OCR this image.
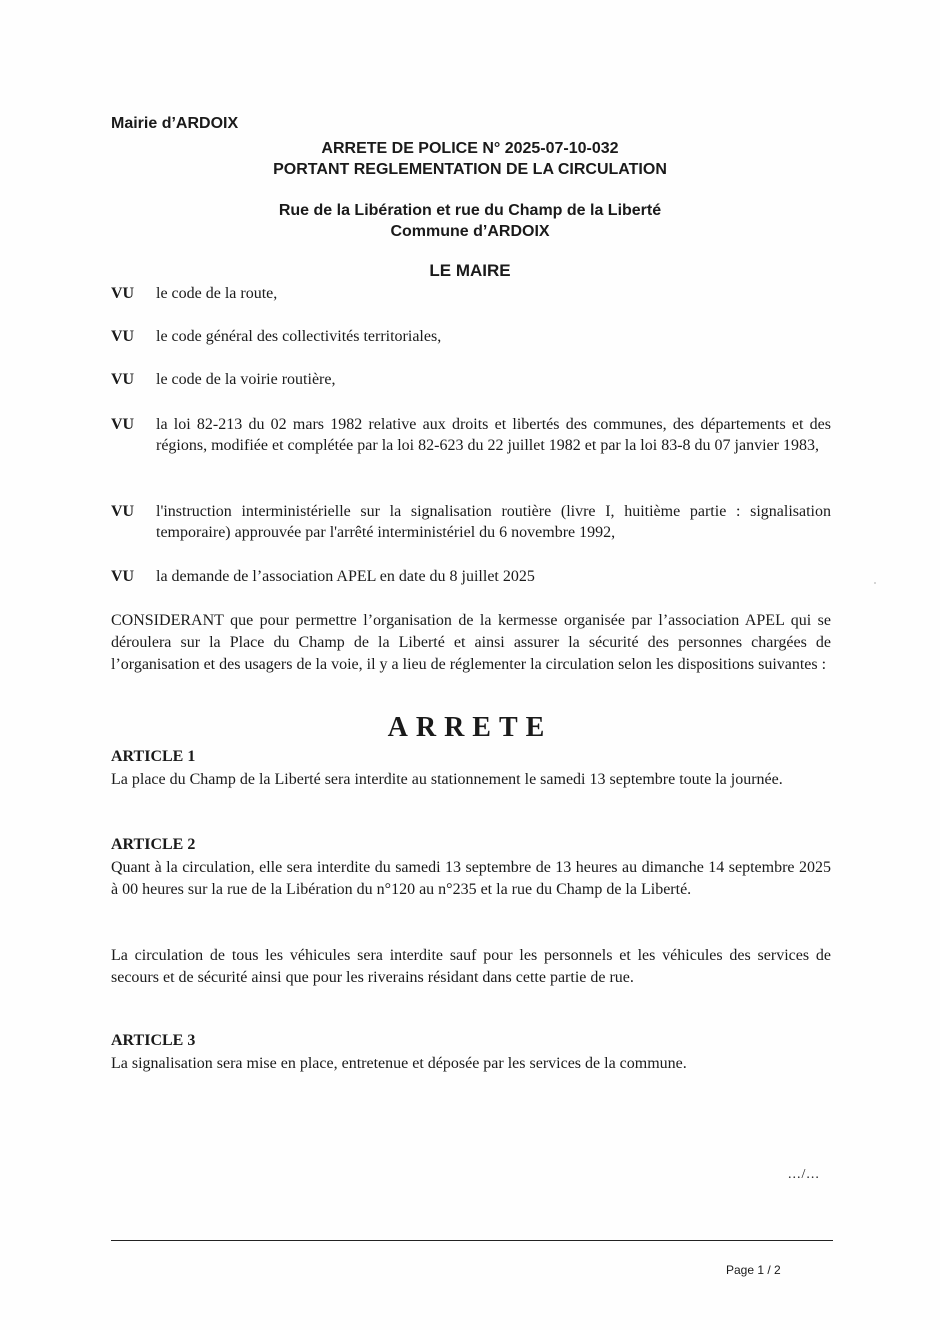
Mairie d’ARDOIX
ARRETE DE POLICE N° 2025-07-10-032
PORTANT REGLEMENTATION DE LA CIRCULATION
Rue de la Libération et rue du Champ de la Liberté
Commune d’ARDOIX
LE MAIRE
VU le code de la route,
VU le code général des collectivités territoriales,
VU le code de la voirie routière,
VU la loi 82-213 du 02 mars 1982 relative aux droits et libertés des communes, des départements et des régions, modifiée et complétée par la loi 82-623 du 22 juillet 1982 et par la loi 83-8 du 07 janvier 1983,
VU l'instruction interministérielle sur la signalisation routière (livre I, huitième partie : signalisation temporaire) approuvée par l'arrêté interministériel du 6 novembre 1992,
VU la demande de l’association APEL en date du 8 juillet 2025
CONSIDERANT que pour permettre l’organisation de la kermesse organisée par l’association APEL qui se déroulera sur la Place du Champ de la Liberté et ainsi assurer la sécurité des personnes chargées de l’organisation et des usagers de la voie, il y a lieu de réglementer la circulation selon les dispositions suivantes :
ARRETE
ARTICLE 1
La place du Champ de la Liberté sera interdite au stationnement le samedi 13 septembre toute la journée.
ARTICLE 2
Quant à la circulation, elle sera interdite du samedi 13 septembre de 13 heures au dimanche 14 septembre 2025 à 00 heures sur la rue de la Libération du n°120 au n°235 et la rue du Champ de la Liberté.
La circulation de tous les véhicules sera interdite sauf pour les personnels et les véhicules des services de secours et de sécurité ainsi que pour les riverains résidant dans cette partie de rue.
ARTICLE 3
La signalisation sera mise en place, entretenue et déposée par les services de la commune.
.../...
Page 1 / 2
